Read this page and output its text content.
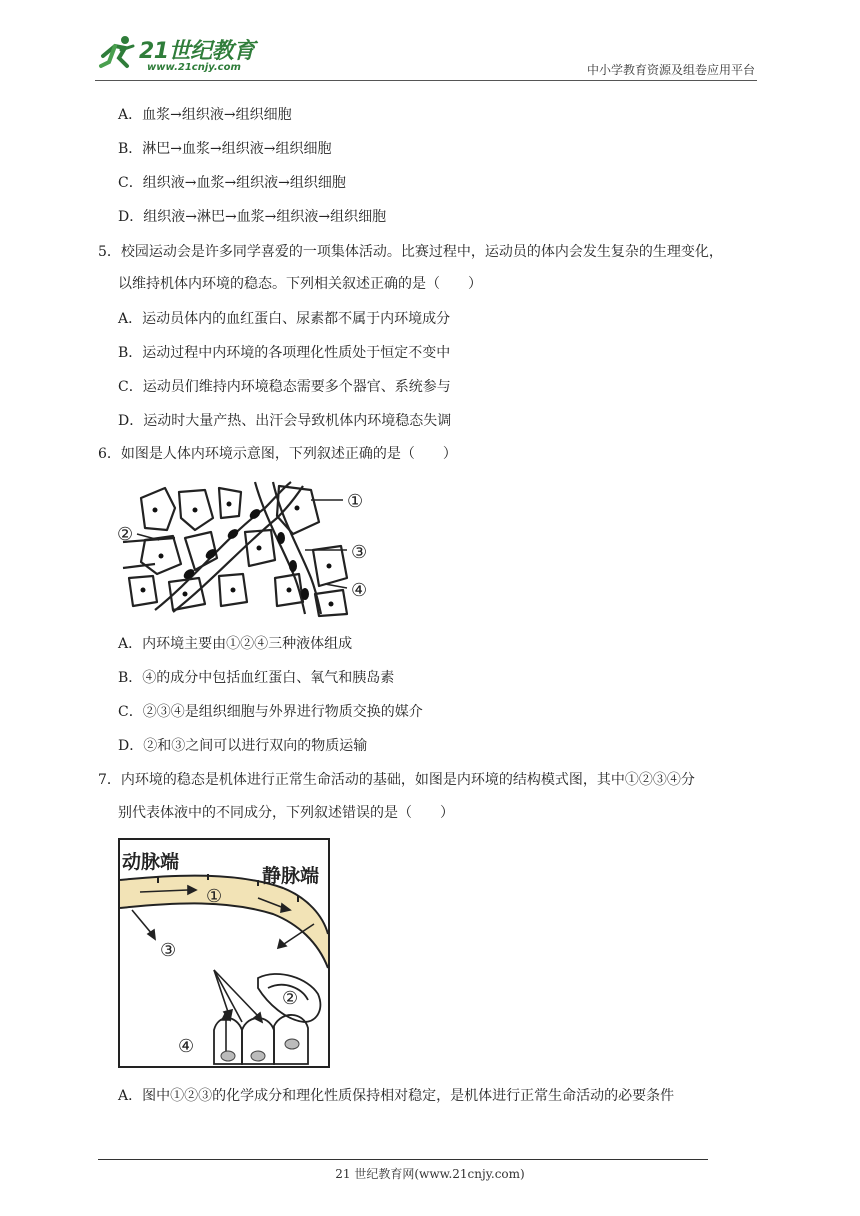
21世纪教育
www.21cnjy.com	中小学教育资源及组卷应用平台
A．血浆→组织液→组织细胞
B．淋巴→血浆→组织液→组织细胞
C．组织液→血浆→组织液→组织细胞
D．组织液→淋巴→血浆→组织液→组织细胞
5．校园运动会是许多同学喜爱的一项集体活动。比赛过程中，运动员的体内会发生复杂的生理变化，
以维持机体内环境的稳态。下列相关叙述正确的是（　　）
A．运动员体内的血红蛋白、尿素都不属于内环境成分
B．运动过程中内环境的各项理化性质处于恒定不变中
C．运动员们维持内环境稳态需要多个器官、系统参与
D．运动时大量产热、出汗会导致机体内环境稳态失调
6．如图是人体内环境示意图，下列叙述正确的是（　　）
①
②
③
④
A．内环境主要由①②④三种液体组成
B．④的成分中包括血红蛋白、氧气和胰岛素
C．②③④是组织细胞与外界进行物质交换的媒介
D．②和③之间可以进行双向的物质运输
7．内环境的稳态是机体进行正常生命活动的基础，如图是内环境的结构模式图，其中①②③④分
别代表体液中的不同成分，下列叙述错误的是（　　）
动脉端
静脉端
①
②
③
④
A．图中①②③的化学成分和理化性质保持相对稳定，是机体进行正常生命活动的必要条件
21 世纪教育网(www.21cnjy.com)
